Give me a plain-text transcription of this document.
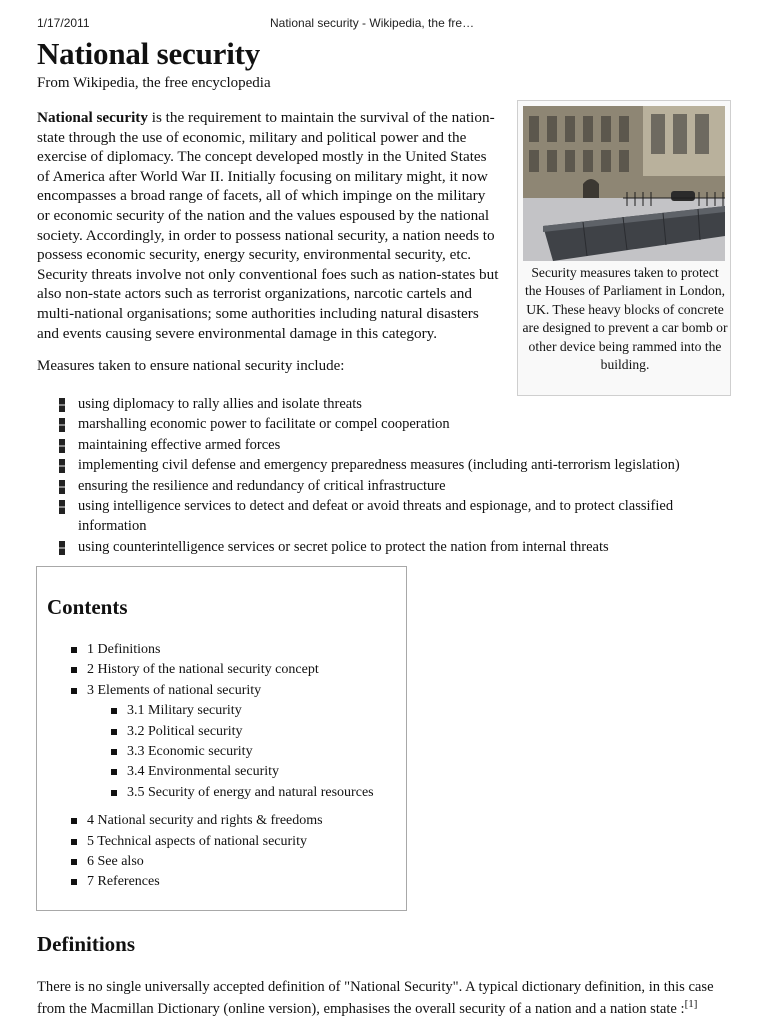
1/17/2011	National security - Wikipedia, the fre…
National security
From Wikipedia, the free encyclopedia

National security is the requirement to maintain the survival of the nation-state through the use of economic, military and political power and the exercise of diplomacy. The concept developed mostly in the United States of America after World War II. Initially focusing on military might, it now encompasses a broad range of facets, all of which impinge on the military or economic security of the nation and the values espoused by the national society. Accordingly, in order to possess national security, a nation needs to possess economic security, energy security, environmental security, etc. Security threats involve not only conventional foes such as nation-states but also non-state actors such as terrorist organizations, narcotic cartels and multi-national organisations; some authorities including natural disasters and events causing severe environmental damage in this category.

Security measures taken to protect the Houses of Parliament in London, UK. These heavy blocks of concrete are designed to prevent a car bomb or other device being rammed into the building.

Measures taken to ensure national security include:

using diplomacy to rally allies and isolate threats
marshalling economic power to facilitate or compel cooperation
maintaining effective armed forces
implementing civil defense and emergency preparedness measures (including anti-terrorism legislation)
ensuring the resilience and redundancy of critical infrastructure
using intelligence services to detect and defeat or avoid threats and espionage, and to protect classified information
using counterintelligence services or secret police to protect the nation from internal threats
Contents
1 Definitions
2 History of the national security concept
3 Elements of national security
3.1 Military security
3.2 Political security
3.3 Economic security
3.4 Environmental security
3.5 Security of energy and natural resources
4 National security and rights & freedoms
5 Technical aspects of national security
6 See also
7 References
Definitions

There is no single universally accepted definition of "National Security". A typical dictionary definition, in this case from the Macmillan Dictionary (online version), emphasises the overall security of a nation and a nation state :[1]
